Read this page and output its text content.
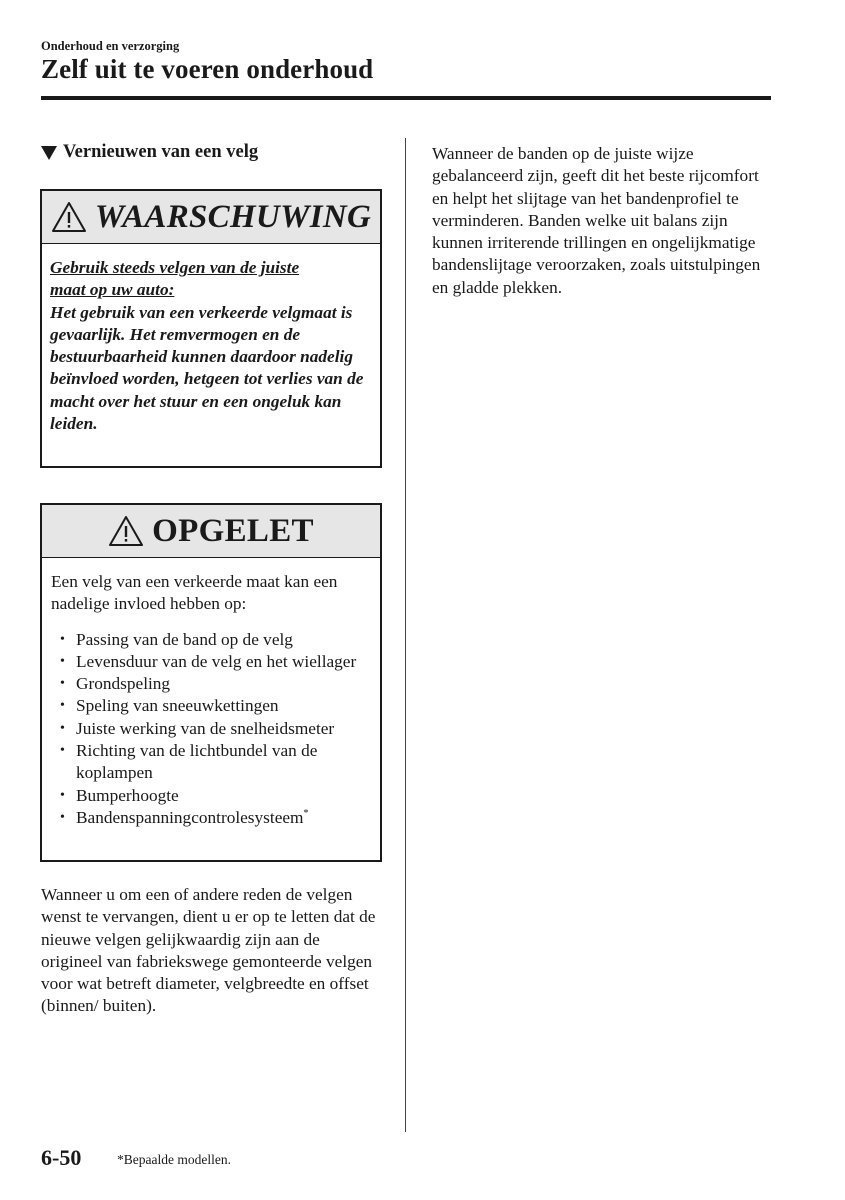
Onderhoud en verzorging
Zelf uit te voeren onderhoud
Vernieuwen van een velg
WAARSCHUWING
Gebruik steeds velgen van de juiste
maat op uw auto:
Het gebruik van een verkeerde velgmaat is gevaarlijk. Het remvermogen en de bestuurbaarheid kunnen daardoor nadelig beïnvloed worden, hetgeen tot verlies van de macht over het stuur en een ongeluk kan leiden.
OPGELET
Een velg van een verkeerde maat kan een nadelige invloed hebben op:
• Passing van de band op de velg
• Levensduur van de velg en het wiellager
• Grondspeling
• Speling van sneeuwkettingen
• Juiste werking van de snelheidsmeter
• Richting van de lichtbundel van de koplampen
• Bumperhoogte
• Bandenspanningcontrolesysteem*
Wanneer u om een of andere reden de velgen wenst te vervangen, dient u er op te letten dat de nieuwe velgen gelijkwaardig zijn aan de origineel van fabriekswege gemonteerde velgen voor wat betreft diameter, velgbreedte en offset (binnen/ buiten).
Wanneer de banden op de juiste wijze gebalanceerd zijn, geeft dit het beste rijcomfort en helpt het slijtage van het bandenprofiel te verminderen. Banden welke uit balans zijn kunnen irriterende trillingen en ongelijkmatige bandenslijtage veroorzaken, zoals uitstulpingen en gladde plekken.
6-50	*Bepaalde modellen.
